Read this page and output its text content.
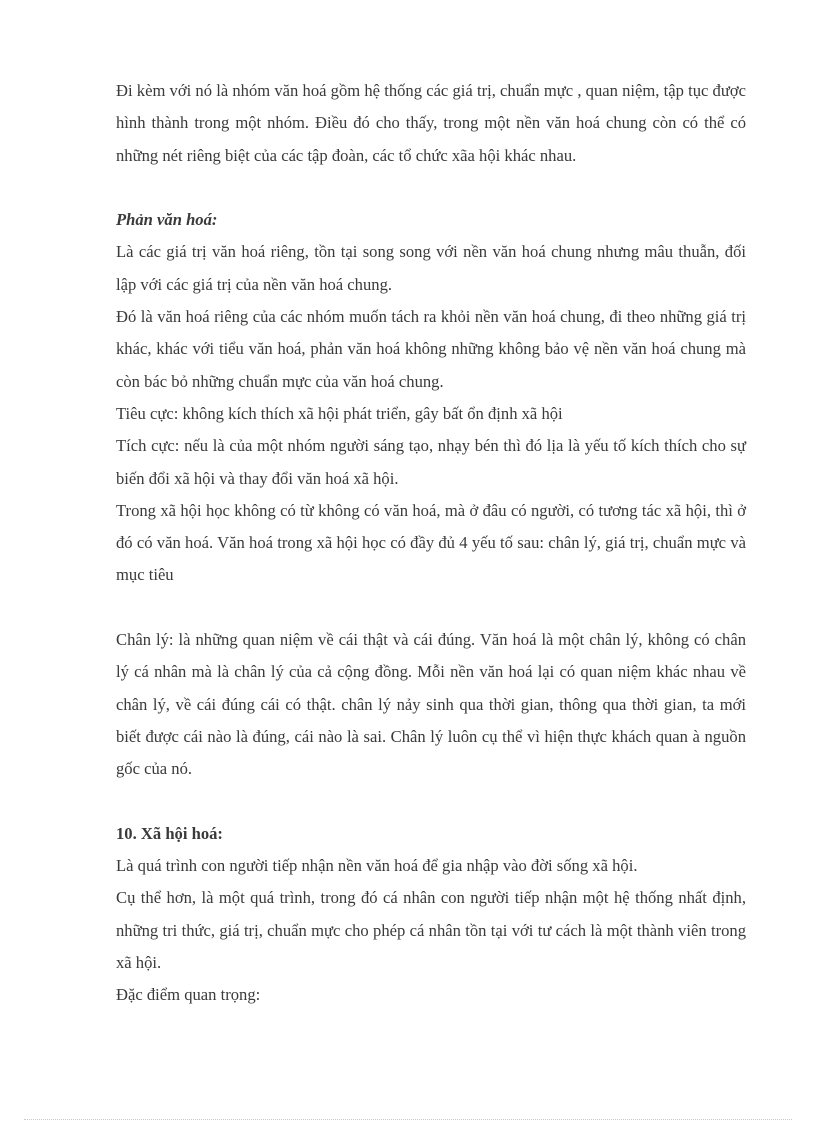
Đi kèm với nó là nhóm văn hoá gồm hệ thống các giá trị, chuẩn mực , quan niệm, tập tục được hình thành trong một nhóm. Điều đó cho thấy, trong một nền văn hoá chung còn có thể có những nét riêng biệt của các tập đoàn, các tổ chức xãa hội khác nhau.

Phản văn hoá:

Là các giá trị văn hoá riêng, tồn tại song song với nền văn hoá chung nhưng mâu thuẫn, đối lập với các giá trị của nền văn hoá chung.

Đó là văn hoá riêng của các nhóm muốn tách ra khỏi nền văn hoá chung, đi theo những giá trị khác, khác với tiểu văn hoá, phản văn hoá không những không bảo vệ nền văn hoá chung mà còn bác bỏ những chuẩn mực của văn hoá chung.

Tiêu cực: không kích thích xã hội phát triển, gây bất ổn định xã hội

Tích cực: nếu là của một nhóm người sáng tạo, nhạy bén thì đó lịa là yếu tố kích thích cho sự biến đổi xã hội và thay đổi văn hoá xã hội.

Trong xã hội học không có từ không có văn hoá, mà ở đâu có người, có tương tác xã hội, thì ở đó có văn hoá. Văn hoá trong xã hội học có đầy đủ 4 yếu tố sau: chân lý, giá trị, chuẩn mực và mục tiêu

Chân lý: là những quan niệm về cái thật và cái đúng. Văn hoá là một chân lý, không có chân lý cá nhân mà là chân lý của cả cộng đồng. Mỗi nền văn hoá lại có quan niệm khác nhau về chân lý, về cái đúng cái có thật. chân lý nảy sinh qua thời gian, thông qua thời gian, ta mới biết được cái nào là đúng, cái nào là sai. Chân lý luôn cụ thể vì hiện thực khách quan à nguồn gốc của nó.

10. Xã hội hoá:

Là quá trình con người tiếp nhận nền văn hoá để gia nhập vào đời sống xã hội.

Cụ thể hơn, là một quá trình, trong đó cá nhân con người tiếp nhận một hệ thống nhất định, những tri thức, giá trị, chuẩn mực cho phép cá nhân tồn tại với tư cách là một thành viên trong xã hội.

Đặc điểm quan trọng:
